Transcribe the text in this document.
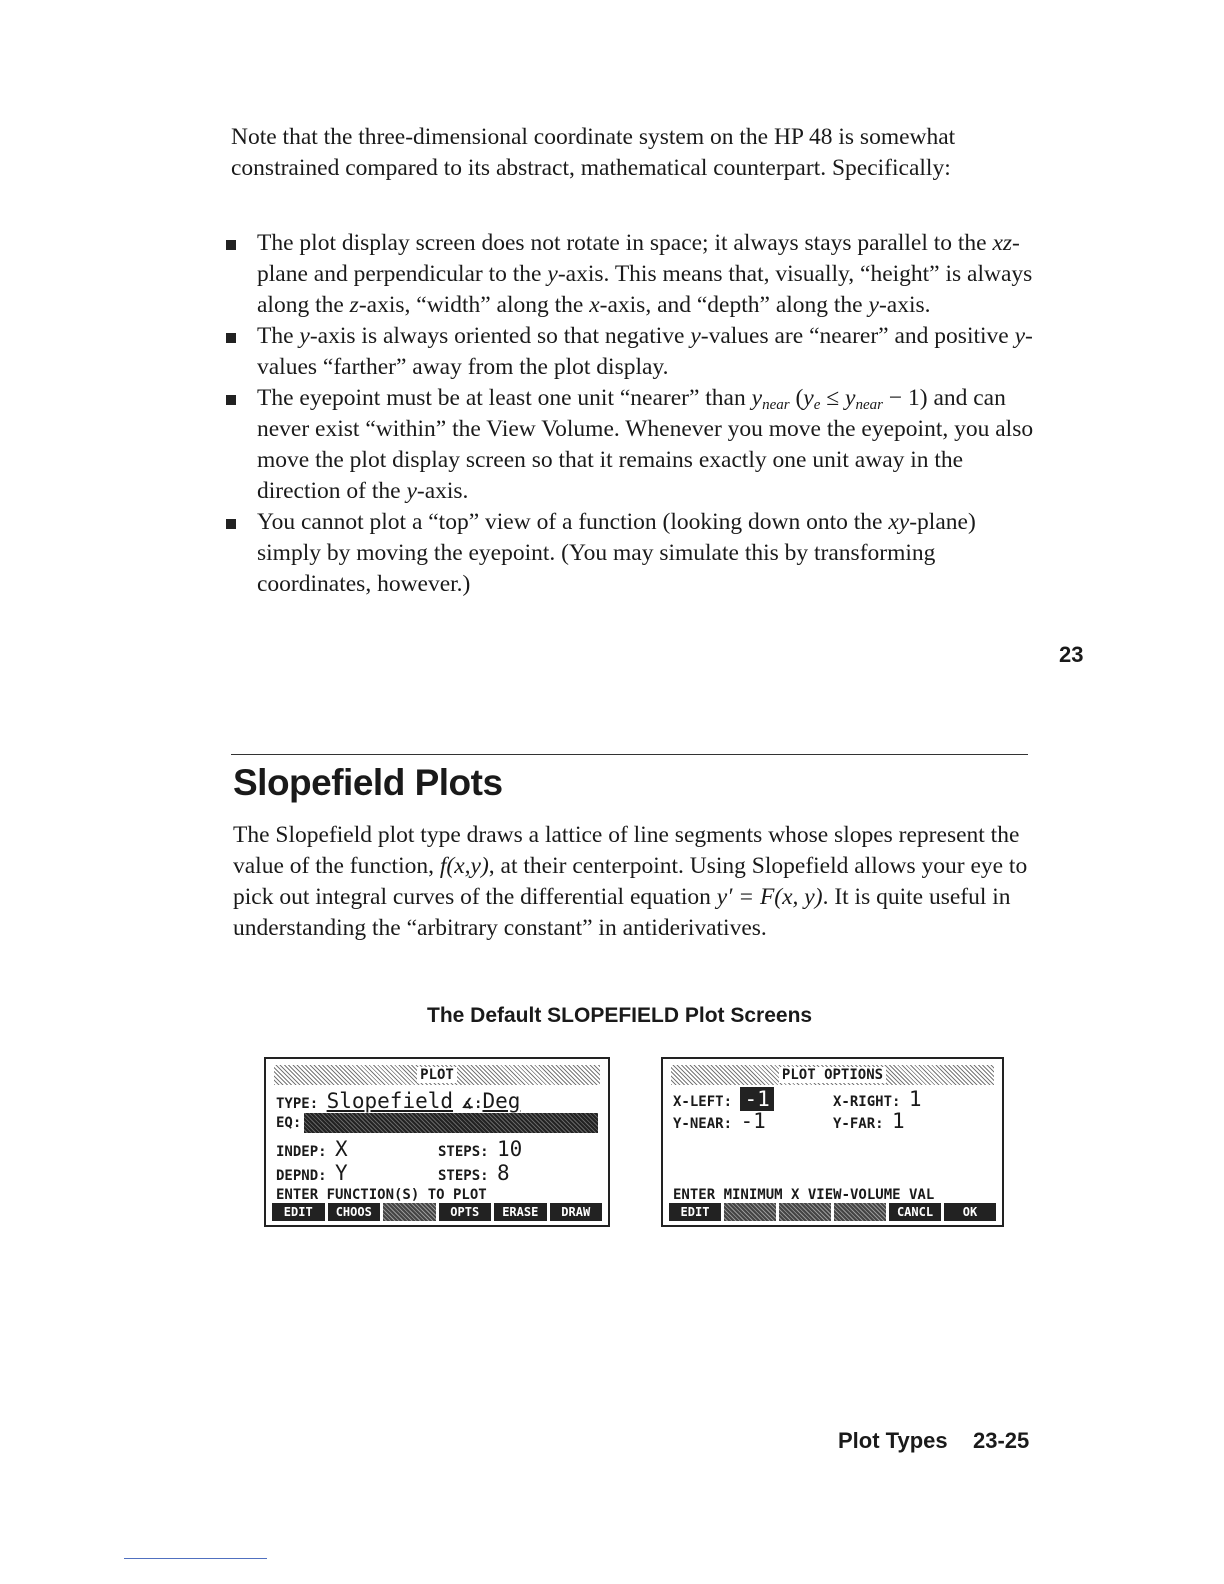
Note that the three-dimensional coordinate system on the HP 48 is somewhat constrained compared to its abstract, mathematical counterpart. Specifically:

The plot display screen does not rotate in space; it always stays parallel to the xz-plane and perpendicular to the y-axis. This means that, visually, “height” is always along the z-axis, “width” along the x-axis, and “depth” along the y-axis.
The y-axis is always oriented so that negative y-values are “nearer” and positive y-values “farther” away from the plot display.
The eyepoint must be at least one unit “nearer” than $y_{near}$ $(y_e \le y_{near} - 1)$ and can never exist “within” the View Volume. Whenever you move the eyepoint, you also move the plot display screen so that it remains exactly one unit away in the direction of the y-axis.
You cannot plot a “top” view of a function (looking down onto the xy-plane) simply by moving the eyepoint. (You may simulate this by transforming coordinates, however.)
23
Slopefield Plots

The Slopefield plot type draws a lattice of line segments whose slopes represent the value of the function, f(x,y), at their centerpoint. Using Slopefield allows your eye to pick out integral curves of the differential equation y′ = F(x, y). It is quite useful in understanding the “arbitrary constant” in antiderivatives.

The Default SLOPEFIELD Plot Screens
PLOT
TYPE: Slopefield ∡:Deg
EQ:
INDEP: X	STEPS: 10
DEPND: Y	STEPS: 8
ENTER FUNCTION(S) TO PLOT
EDIT	CHOOS	OPTS	ERASE	DRAW
PLOT OPTIONS
X-LEFT: -1	X-RIGHT: 1
Y-NEAR: -1	Y-FAR: 1
ENTER MINIMUM X VIEW-VOLUME VAL
EDIT	CANCL	OK
Plot Types 23-25
